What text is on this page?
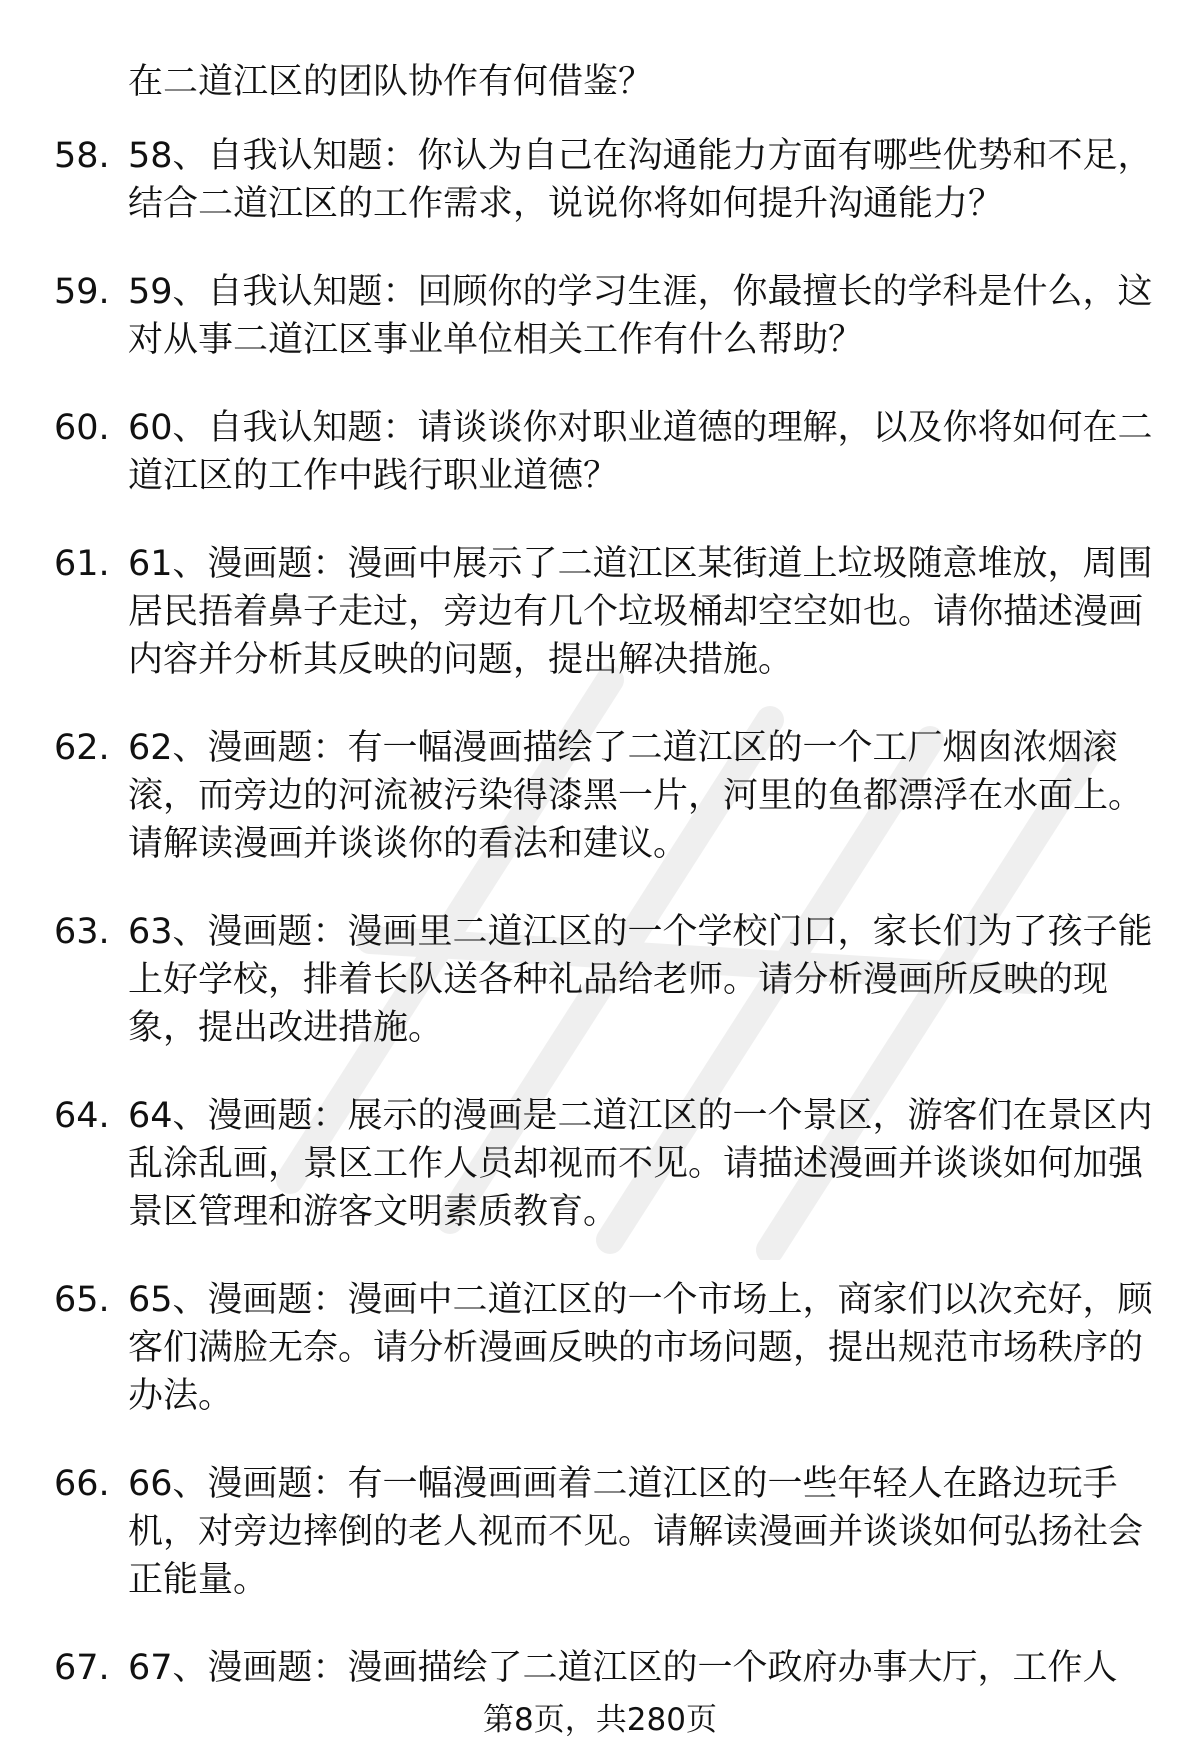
在二道江区的团队协作有何借鉴？
58. 58、自我认知题：你认为自己在沟通能力方面有哪些优势和不足，结合二道江区的工作需求，说说你将如何提升沟通能力？
59. 59、自我认知题：回顾你的学习生涯，你最擅长的学科是什么，这对从事二道江区事业单位相关工作有什么帮助？
60. 60、自我认知题：请谈谈你对职业道德的理解，以及你将如何在二道江区的工作中践行职业道德？
61. 61、漫画题：漫画中展示了二道江区某街道上垃圾随意堆放，周围居民捂着鼻子走过，旁边有几个垃圾桶却空空如也。请你描述漫画内容并分析其反映的问题，提出解决措施。
62. 62、漫画题：有一幅漫画描绘了二道江区的一个工厂烟囱浓烟滚滚，而旁边的河流被污染得漆黑一片，河里的鱼都漂浮在水面上。请解读漫画并谈谈你的看法和建议。
63. 63、漫画题：漫画里二道江区的一个学校门口，家长们为了孩子能上好学校，排着长队送各种礼品给老师。请分析漫画所反映的现象，提出改进措施。
64. 64、漫画题：展示的漫画是二道江区的一个景区，游客们在景区内乱涂乱画，景区工作人员却视而不见。请描述漫画并谈谈如何加强景区管理和游客文明素质教育。
65. 65、漫画题：漫画中二道江区的一个市场上，商家们以次充好，顾客们满脸无奈。请分析漫画反映的市场问题，提出规范市场秩序的办法。
66. 66、漫画题：有一幅漫画画着二道江区的一些年轻人在路边玩手机，对旁边摔倒的老人视而不见。请解读漫画并谈谈如何弘扬社会正能量。
67. 67、漫画题：漫画描绘了二道江区的一个政府办事大厅，工作人
第8页，共280页
